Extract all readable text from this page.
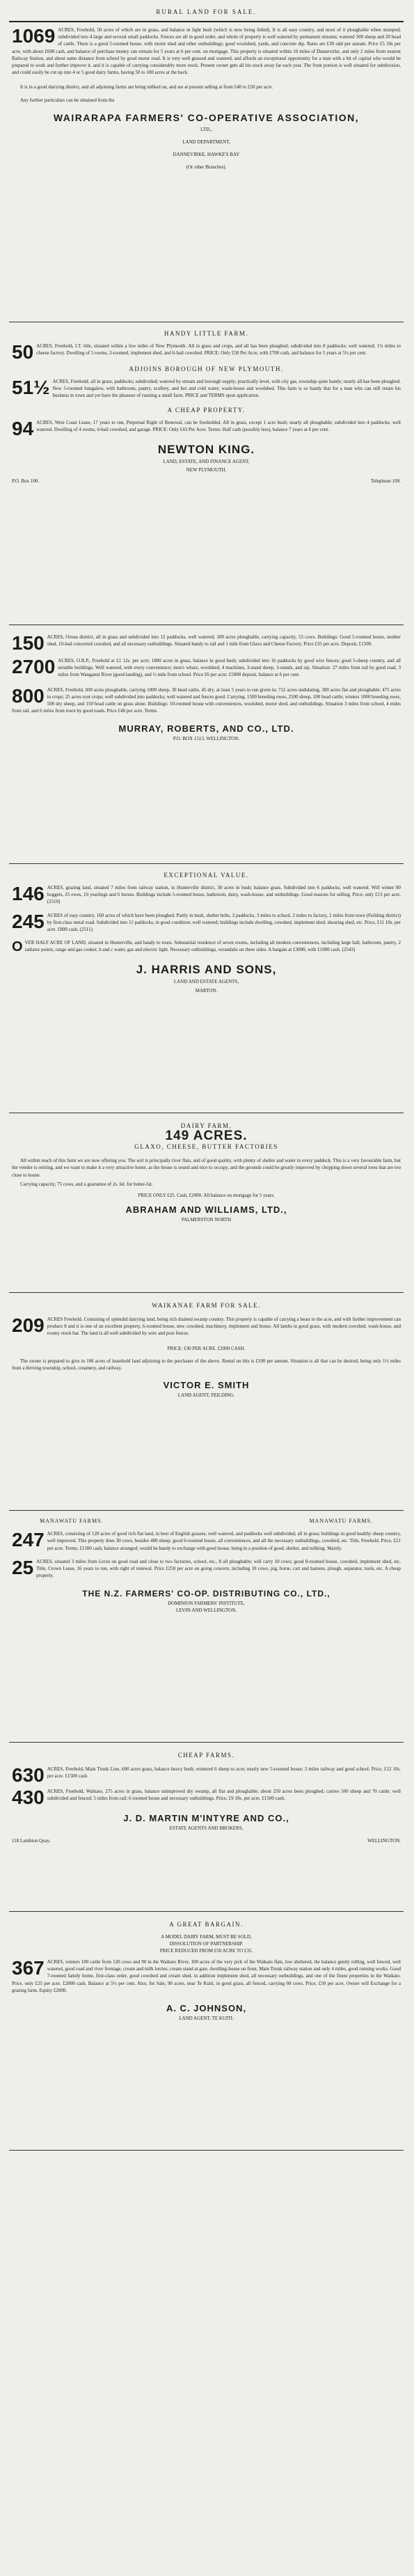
RURAL LAND FOR SALE.

1069 ACRES, Freehold, 50 acres of which are in grass, and balance in light bush (which is now being felled). It is all easy country, and most of it ploughable when stumped; subdivided into 4 large and several small paddocks. Fences are all in good order, and whole of property is well watered by permanent streams; watered 500 sheep and 20 head of cattle. There is a good 5-roomed house, with motor shed and other outbuildings; good woolshed, yards, and concrete dip. Rates are £30 odd per annum. Price £5 10s per acre, with about £600 cash, and balance of purchase money can remain for 5 years at 6 per cent. on mortgage. This property is situated within 10 miles of Dannevirke, and only 2 miles from nearest Railway Station, and about same distance from school by good motor road. It is very well grassed and watered, and affords an exceptional opportunity for a man with a bit of capital who would be prepared to work and further improve it, and it is capable of carrying considerably more stock. Present owner gets all his stock away fat each year. The front portion is well situated for subdivision, and could easily be cut up into 4 or 5 good dairy farms, having 50 to 100 acres at the back.

It is in a good dairying district, and all adjoining farms are being milked on, and are at present selling at from £40 to £50 per acre.

Any further particulars can be obtained from the

WAIRARAPA FARMERS' CO-OPERATIVE ASSOCIATION,
LTD.,
LAND DEPARTMENT,
DANNEVIRKE, HAWKE'S BAY
(Or other Branches).
HANDY LITTLE FARM.

50 ACRES, Freehold, I.T. title, situated within a few miles of New Plymouth. All in grass and crops, and all has been ploughed; subdivided into 8 paddocks; well watered; 1¼ miles to cheese factory. Dwelling of 5 rooms, 3-roomed, implement shed, and 6-bail cowshed. PRICE: Only £50 Per Acre, with £700 cash, and balance for 5 years at 5¼ per cent.

ADJOINS BOROUGH OF NEW PLYMOUTH.

51½ ACRES, Freehold; all in grass, paddocks; subdivided; watered by stream and borough supply; practically level, with city gas, township quite handy; nearly all has been ploughed. New 5-roomed bungalow, with bathroom, pantry, scullery, and hot and cold water; wash-house and woolshed. This farm is so handy that for a man who can still retain his business in town and yet have the pleasure of running a small farm. PRICE and TERMS upon application.

A CHEAP PROPERTY.

94 ACRES, West Coast Lease, 17 years to run, Perpetual Right of Renewal, can be freeholded. All in grass, except 1 acre bush; nearly all ploughable; subdivided into 4 paddocks; well watered. Dwelling of 4 rooms, 6-bail cowshed, and garage. PRICE: Only £43 Per Acre. Terms: Half cash (possibly less), balance 7 years at 6 per cent.

NEWTON KING.
LAND, ESTATE, AND FINANCE AGENT,
NEW PLYMOUTH.
P.O. Box 100.	Telephone 109.

150 ACRES, Oroua district, all in grass and subdivided into 12 paddocks, well watered; 100 acres ploughable, carrying capacity, 53 cows. Buildings: Good 5-roomed house, mother shed, 10-bail concreted cowshed, and all necessary outbuildings. Situated handy to rail and 1 mile from Glaxo and Cheese Factory. Price £35 per acre. Deposit, £1500.

2700 ACRES, O.R.P., Freehold at £1 12s. per acre; 1800 acres in grass, balance in good bush; subdivided into 16 paddocks by good wire fences; good 5-sheep country, and all suitable buildings. Well watered, with every convenience; men's whare, woolshed, 4 machines, 3-stand sheep, 3-stands, and sip. Situation: 27 miles from rail by good road, 3 miles from Wanganui River (good landing), and ½ mile from school. Price £6 per acre; £5000 deposit, balance at 6 per cent.

800 ACRES, Freehold, 600 acres ploughable, carrying 1000 sheep, 30 head cattle, 45 dry, at least 5 years to run given in; 712 acres undulating, 300 acres flat and ploughable; 475 acres in crops; 25 acres root crops; well subdivided into paddocks; well watered and fences good. Carrying, 1500 breeding ewes, 2500 sheep, 100 head cattle; winters 1000 breeding ewes, 500 dry sheep, and 150 head cattle on grass alone. Buildings: 10-roomed house with conveniences, woolshed, motor shed, and outbuildings. Situation 3 miles from school, 4 miles from rail, and 6 miles from town by good roads. Price £40 per acre. Terms.

MURRAY, ROBERTS, AND CO., LTD.
P.O. BOX 1513, WELLINGTON.
EXCEPTIONAL VALUE.

146 ACRES, grazing land, situated 7 miles from railway station, in Hunterville district, 30 acres in bush; balance grass. Subdivided into 6 paddocks, well watered. Will winter 80 hoggets, 25 ewes, 10 yearlings and 6 horses. Buildings include 5-roomed house, bathroom, dairy, wash-house, and outbuildings. Good reasons for selling. Price, only £13 per acre. (2510)

245 ACRES of easy country, 160 acres of which have been ploughed. Partly in bush, shelter belts, 3 paddocks, 3 miles to school, 2 miles to factory, 2 miles from town (Feilding district) by first-class metal road. Subdivided into 11 paddocks, in good condition; well watered; buildings include dwelling, cowshed, implement shed, shearing shed, etc. Price, £11 10s. per acre. £800 cash. (2511)

OVER HALF ACRE OF LAND, situated in Hunterville, and handy to town. Substantial residence of seven rooms, including all modern conveniences, including large hall, bathroom, pantry, 2 radiator points, range and gas cooker, h and c water, gas and electric light. Necessary outbuildings, verandahs on three sides. A bargain at £3000, with £1000 cash. (2543)

J. HARRIS AND SONS,
LAND AND ESTATE AGENTS,
MARTON.
DAIRY FARM,
149 ACRES.
GLAXO, CHEESE, BUTTER FACTORIES

All within reach of this farm we are now offering you. The soil is principally river flats, and of good quality, with plenty of shelter and water in every paddock. This is a very favourable farm, but the vendor is retiring, and we want to make it a very attractive home, as the house is sound and nice to occupy, and the grounds could be greatly improved by chopping down several trees that are too close to house.

Carrying capacity, 75 cows, and a guarantee of 2s. 6d. for butter-fat.

PRICE ONLY £25. Cash, £2000. All balance on mortgage for 5 years.

ABRAHAM AND WILLIAMS, LTD.,
PALMERSTON NORTH
WAIKANAE FARM FOR SALE.

209 ACRES Freehold. Consisting of splendid dairying land, being rich drained swamp country. This property is capable of carrying a beast to the acre, and with further improvement can produce 8 and it is one of an excellent property, 6-roomed house, new cowshed, machinery, implement and house. All lambs in good grass, with modern cowshed, wash-house, and roomy stock bar. The land is all well subdivided by wire and post fences.

PRICE: £30 PER ACRE. £2000 CASH.

The owner is prepared to give in 106 acres of leasehold land adjoining to the purchaser of the above. Rental on this is £100 per annum. Situation is all that can be desired, being only 1½ miles from a thriving township, school, creamery, and railway.

VICTOR E. SMITH
LAND AGENT, FEILDING.
MANAWATU FARMS.	MANAWATU FARMS.

247 ACRES, consisting of 120 acres of good rich flat land, in best of English grasses, well watered, and paddocks well subdivided; all in grass; buildings in good healthy sheep country, well improved. This property does 30 cows, besides 400 sheep; good 6-roomed house, all conveniences, and all the necessary outbuildings, cowshed, etc. Title, Freehold. Price, £21 per acre. Terms, £1500 cash, balance arranged; would be handy to exchange with good house, being in a position of good, shelter, and milking. Mainly.

25 ACRES, situated 3 miles from Levin on good road and close to two factories, school, etc., 8 all ploughable; will carry 10 cows; good 8-roomed house, cowshed, implement shed, etc. Title, Crown Lease, 16 years to run, with right of renewal. Price £250 per acre on going concern, including 10 cows, pig, horse, cart and harness, plough, separator, tools, etc. A cheap property.

THE N.Z. FARMERS' CO-OP. DISTRIBUTING CO., LTD.,
DOMINION FARMERS' INSTITUTE,
LEVIN AND WELLINGTON.
CHEAP FARMS.

630 ACRES, Freehold, Main Trunk Line, 600 acres grass, balance heavy bush; wintered 6 sheep to acre; nearly new 5-roomed house; 3 miles railway and good school. Price, £12 10s. per acre. £1500 cash.

430 ACRES, Freehold, Waikato, 275 acres in grass, balance unimproved dry swamp, all flat and ploughable; about 250 acres been ploughed; carries 500 sheep and 70 cattle; well subdivided and fenced; 5 miles from rail; 6 roomed house and necessary outbuildings. Price, £9 10s. per acre. £1500 cash.

J. D. MARTIN M'INTYRE AND CO.,
ESTATE AGENTS AND BROKERS,
118 Lambton Quay.	WELLINGTON.
A GREAT BARGAIN.
A MODEL DAIRY FARM, MUST BE SOLD,
DISSOLUTION OF PARTNERSHIP.
PRICE REDUCED FROM £50 ACRE TO £35.

367 ACRES, winters 100 cattle from 120 cows and 90 in the Waikato River, 100 acres of the very pick of the Waikato flats, low sheltered, the balance gently rolling, well fenced, well watered, good road and river frontage, cream and milk lorries; cream stand at gate, dwelling-house on front, Main Trunk railway station and only 4 miles, good running works. Good 7-roomed family home, first-class order, good cowshed and cream shed, in addition implement shed, all necessary outbuildings, and one of the finest properties in the Waikato. Price, only £25 per acre. £2000 cash. Balance at 5½ per cent. Also, for Sale, 90 acres, near Te Kuiti, in good grass, all fenced, carrying 60 cows. Price, £50 per acre. Owner will Exchange for a grazing farm. Equity £2000.

A. C. JOHNSON,
LAND AGENT, TE KUITI.
